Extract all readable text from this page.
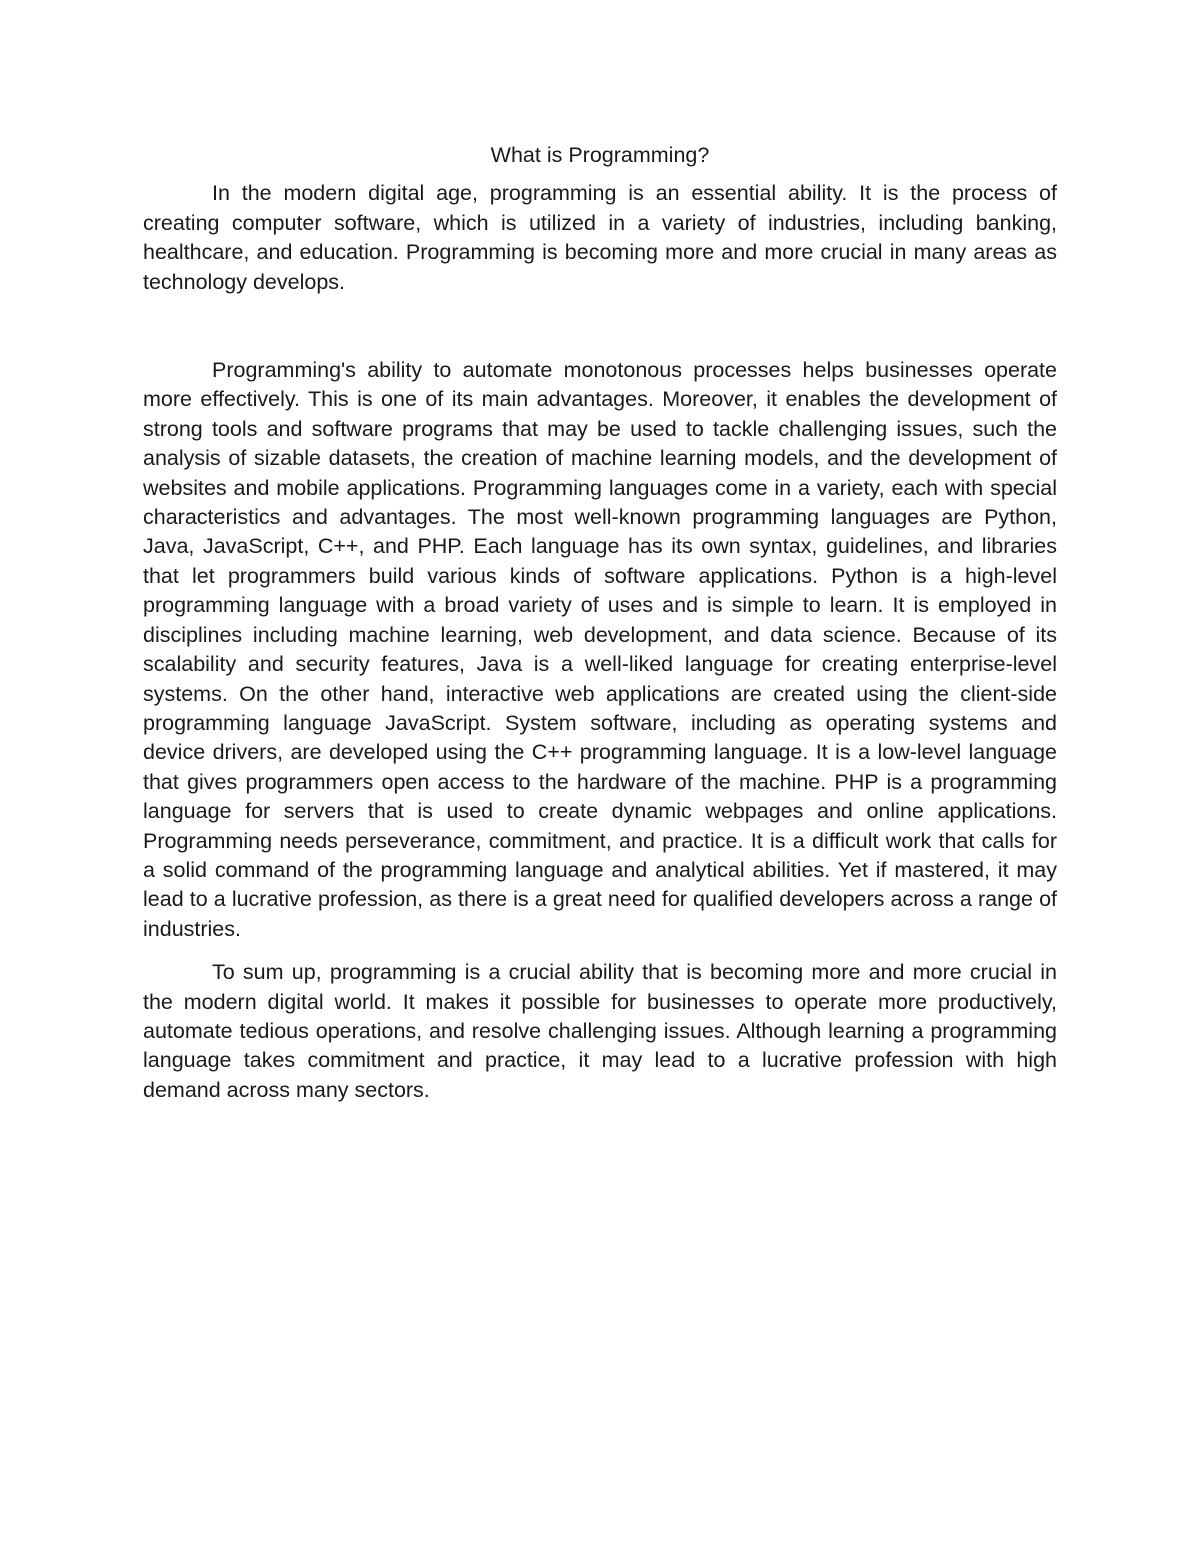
What is Programming?

In the modern digital age, programming is an essential ability. It is the process of creating computer software, which is utilized in a variety of industries, including banking, healthcare, and education. Programming is becoming more and more crucial in many areas as technology develops.

Programming's ability to automate monotonous processes helps businesses operate more effectively. This is one of its main advantages. Moreover, it enables the development of strong tools and software programs that may be used to tackle challenging issues, such the analysis of sizable datasets, the creation of machine learning models, and the development of websites and mobile applications. Programming languages come in a variety, each with special characteristics and advantages. The most well-known programming languages are Python, Java, JavaScript, C++, and PHP. Each language has its own syntax, guidelines, and libraries that let programmers build various kinds of software applications. Python is a high-level programming language with a broad variety of uses and is simple to learn. It is employed in disciplines including machine learning, web development, and data science. Because of its scalability and security features, Java is a well-liked language for creating enterprise-level systems. On the other hand, interactive web applications are created using the client-side programming language JavaScript. System software, including as operating systems and device drivers, are developed using the C++ programming language. It is a low-level language that gives programmers open access to the hardware of the machine. PHP is a programming language for servers that is used to create dynamic webpages and online applications. Programming needs perseverance, commitment, and practice. It is a difficult work that calls for a solid command of the programming language and analytical abilities. Yet if mastered, it may lead to a lucrative profession, as there is a great need for qualified developers across a range of industries.

To sum up, programming is a crucial ability that is becoming more and more crucial in the modern digital world. It makes it possible for businesses to operate more productively, automate tedious operations, and resolve challenging issues. Although learning a programming language takes commitment and practice, it may lead to a lucrative profession with high demand across many sectors.
